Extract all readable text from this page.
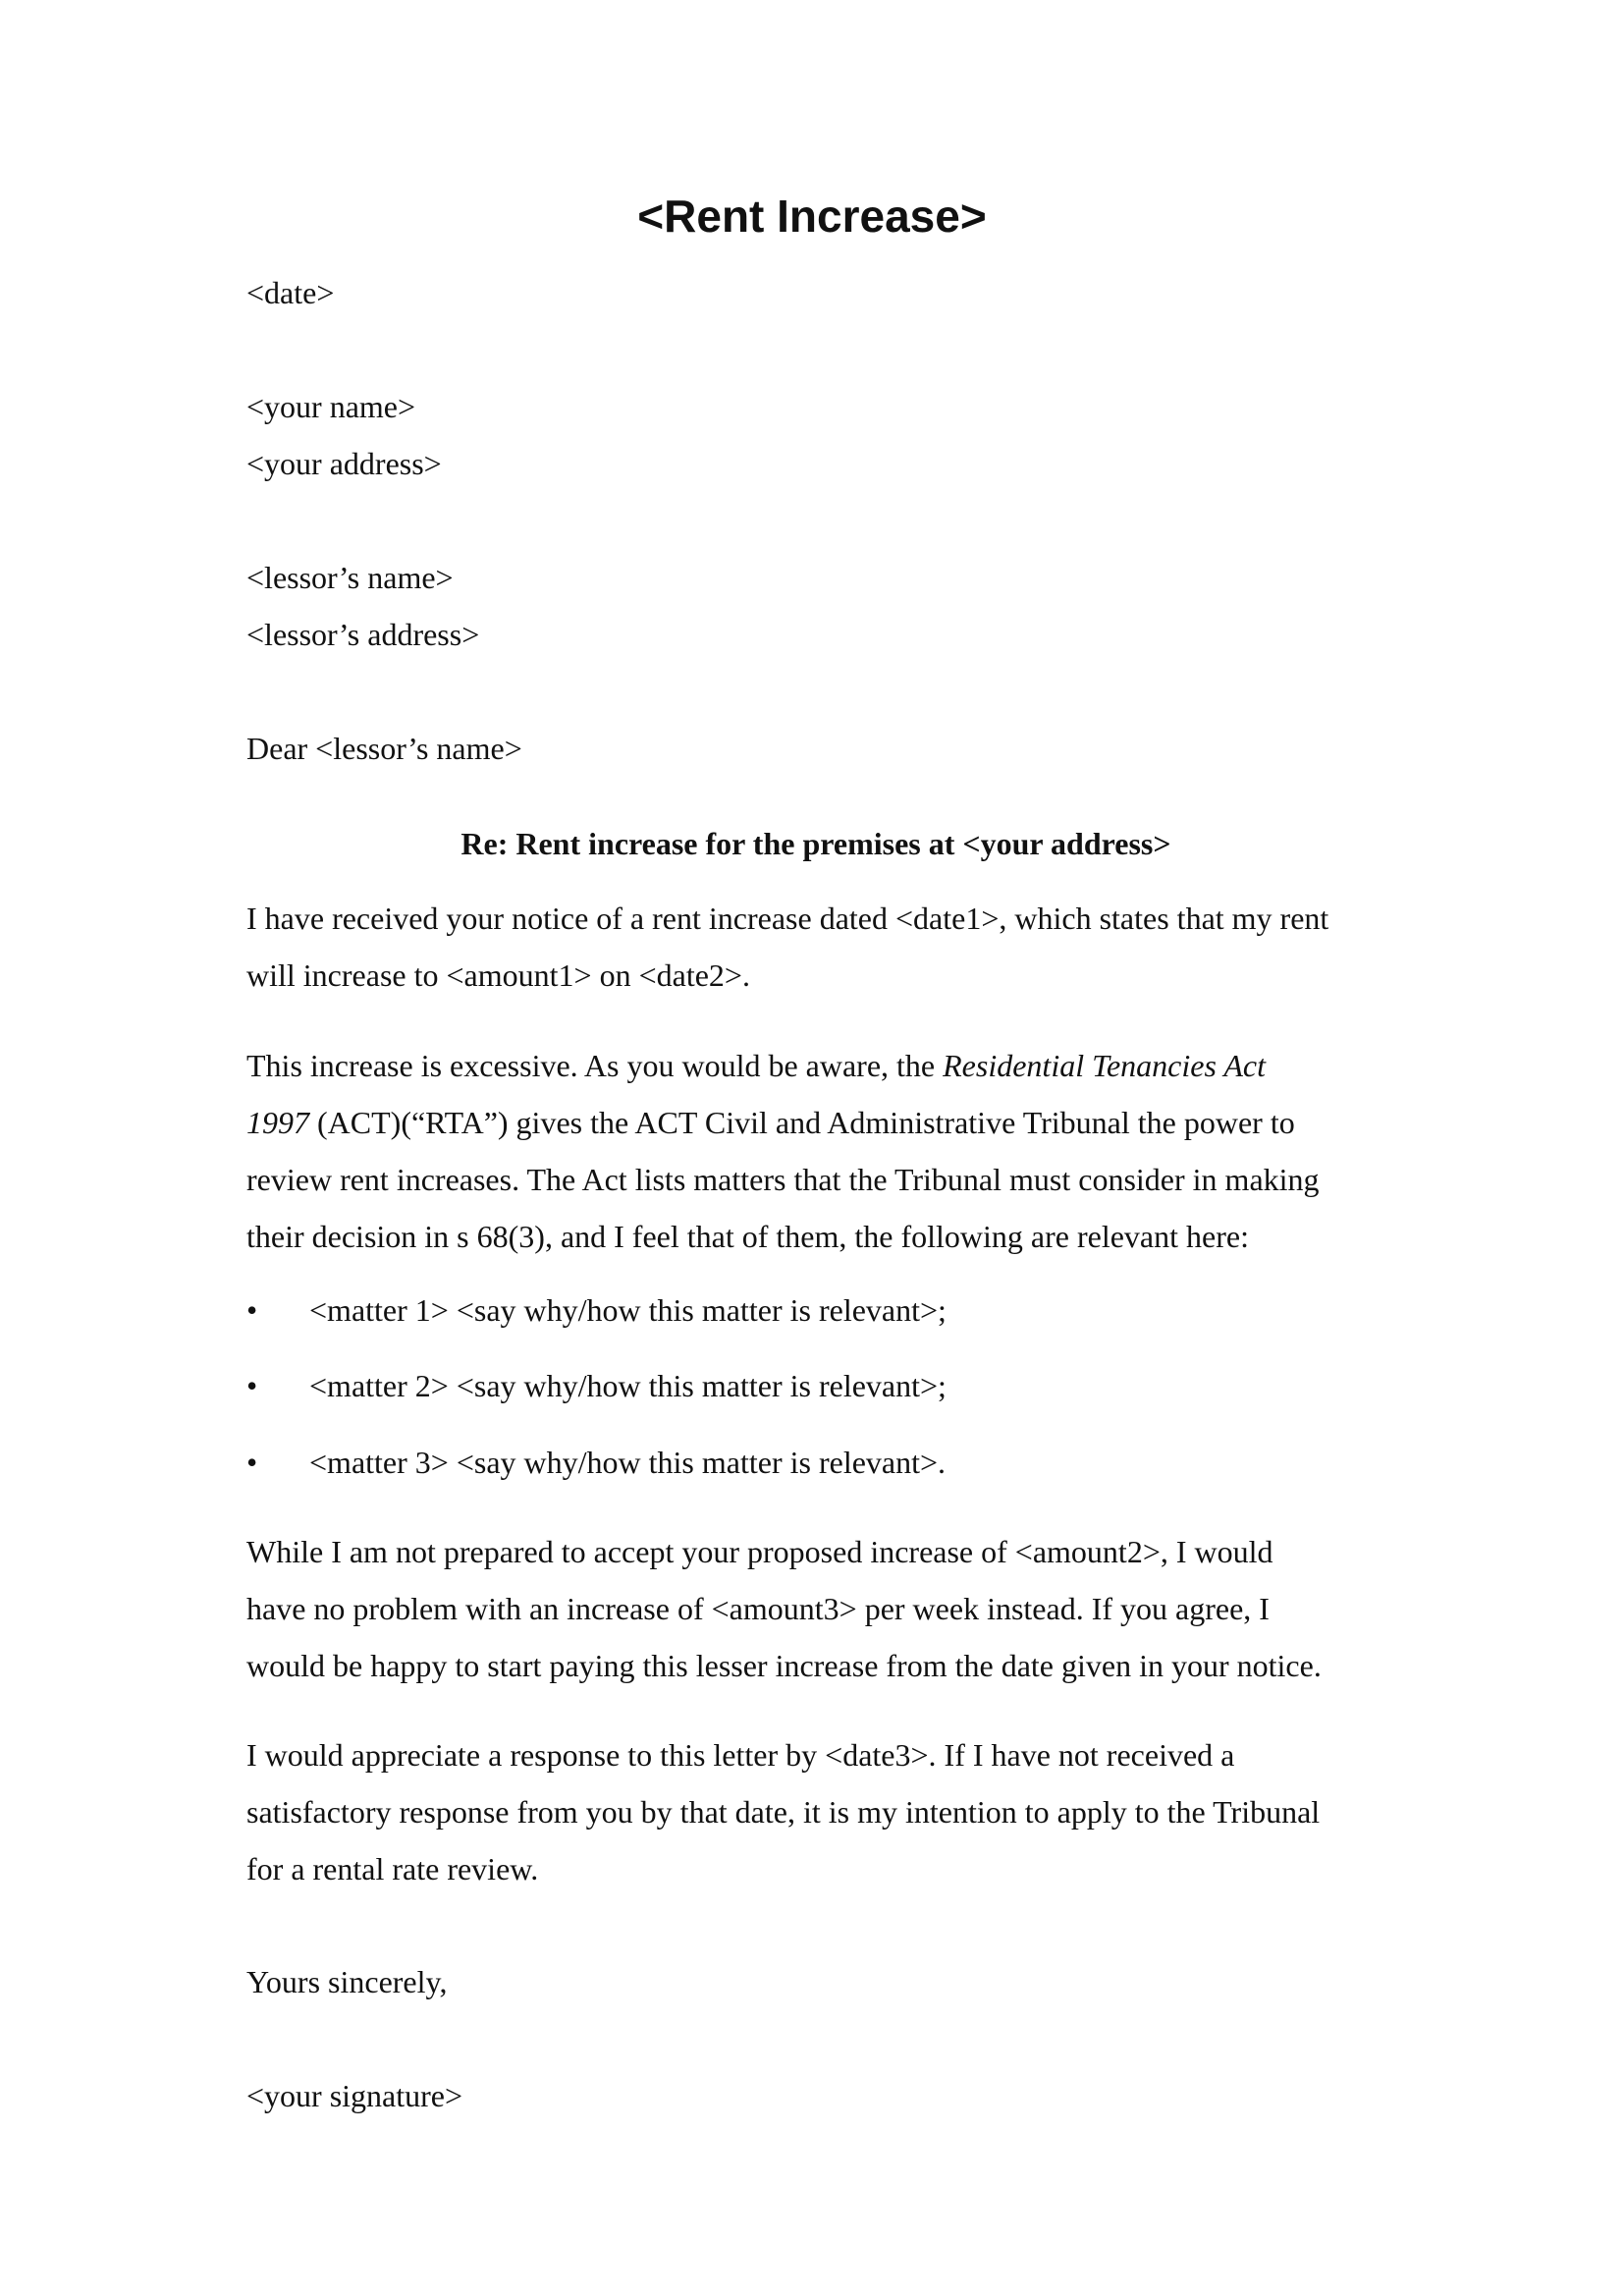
<Rent Increase>
<date>
<your name>
<your address>
<lessor’s name>
<lessor’s address>
Dear <lessor’s name>
Re: Rent increase for the premises at <your address>
I have received your notice of a rent increase dated <date1>, which states that my rent
will increase to <amount1> on <date2>.
This increase is excessive. As you would be aware, the Residential Tenancies Act
1997 (ACT)(“RTA”) gives the ACT Civil and Administrative Tribunal the power to
review rent increases. The Act lists matters that the Tribunal must consider in making
their decision in s 68(3), and I feel that of them, the following are relevant here:
•	<matter 1> <say why/how this matter is relevant>;
•	<matter 2> <say why/how this matter is relevant>;
•	<matter 3> <say why/how this matter is relevant>.
While I am not prepared to accept your proposed increase of <amount2>, I would
have no problem with an increase of <amount3> per week instead. If you agree, I
would be happy to start paying this lesser increase from the date given in your notice.
I would appreciate a response to this letter by <date3>. If I have not received a
satisfactory response from you by that date, it is my intention to apply to the Tribunal
for a rental rate review.
Yours sincerely,
<your signature>
